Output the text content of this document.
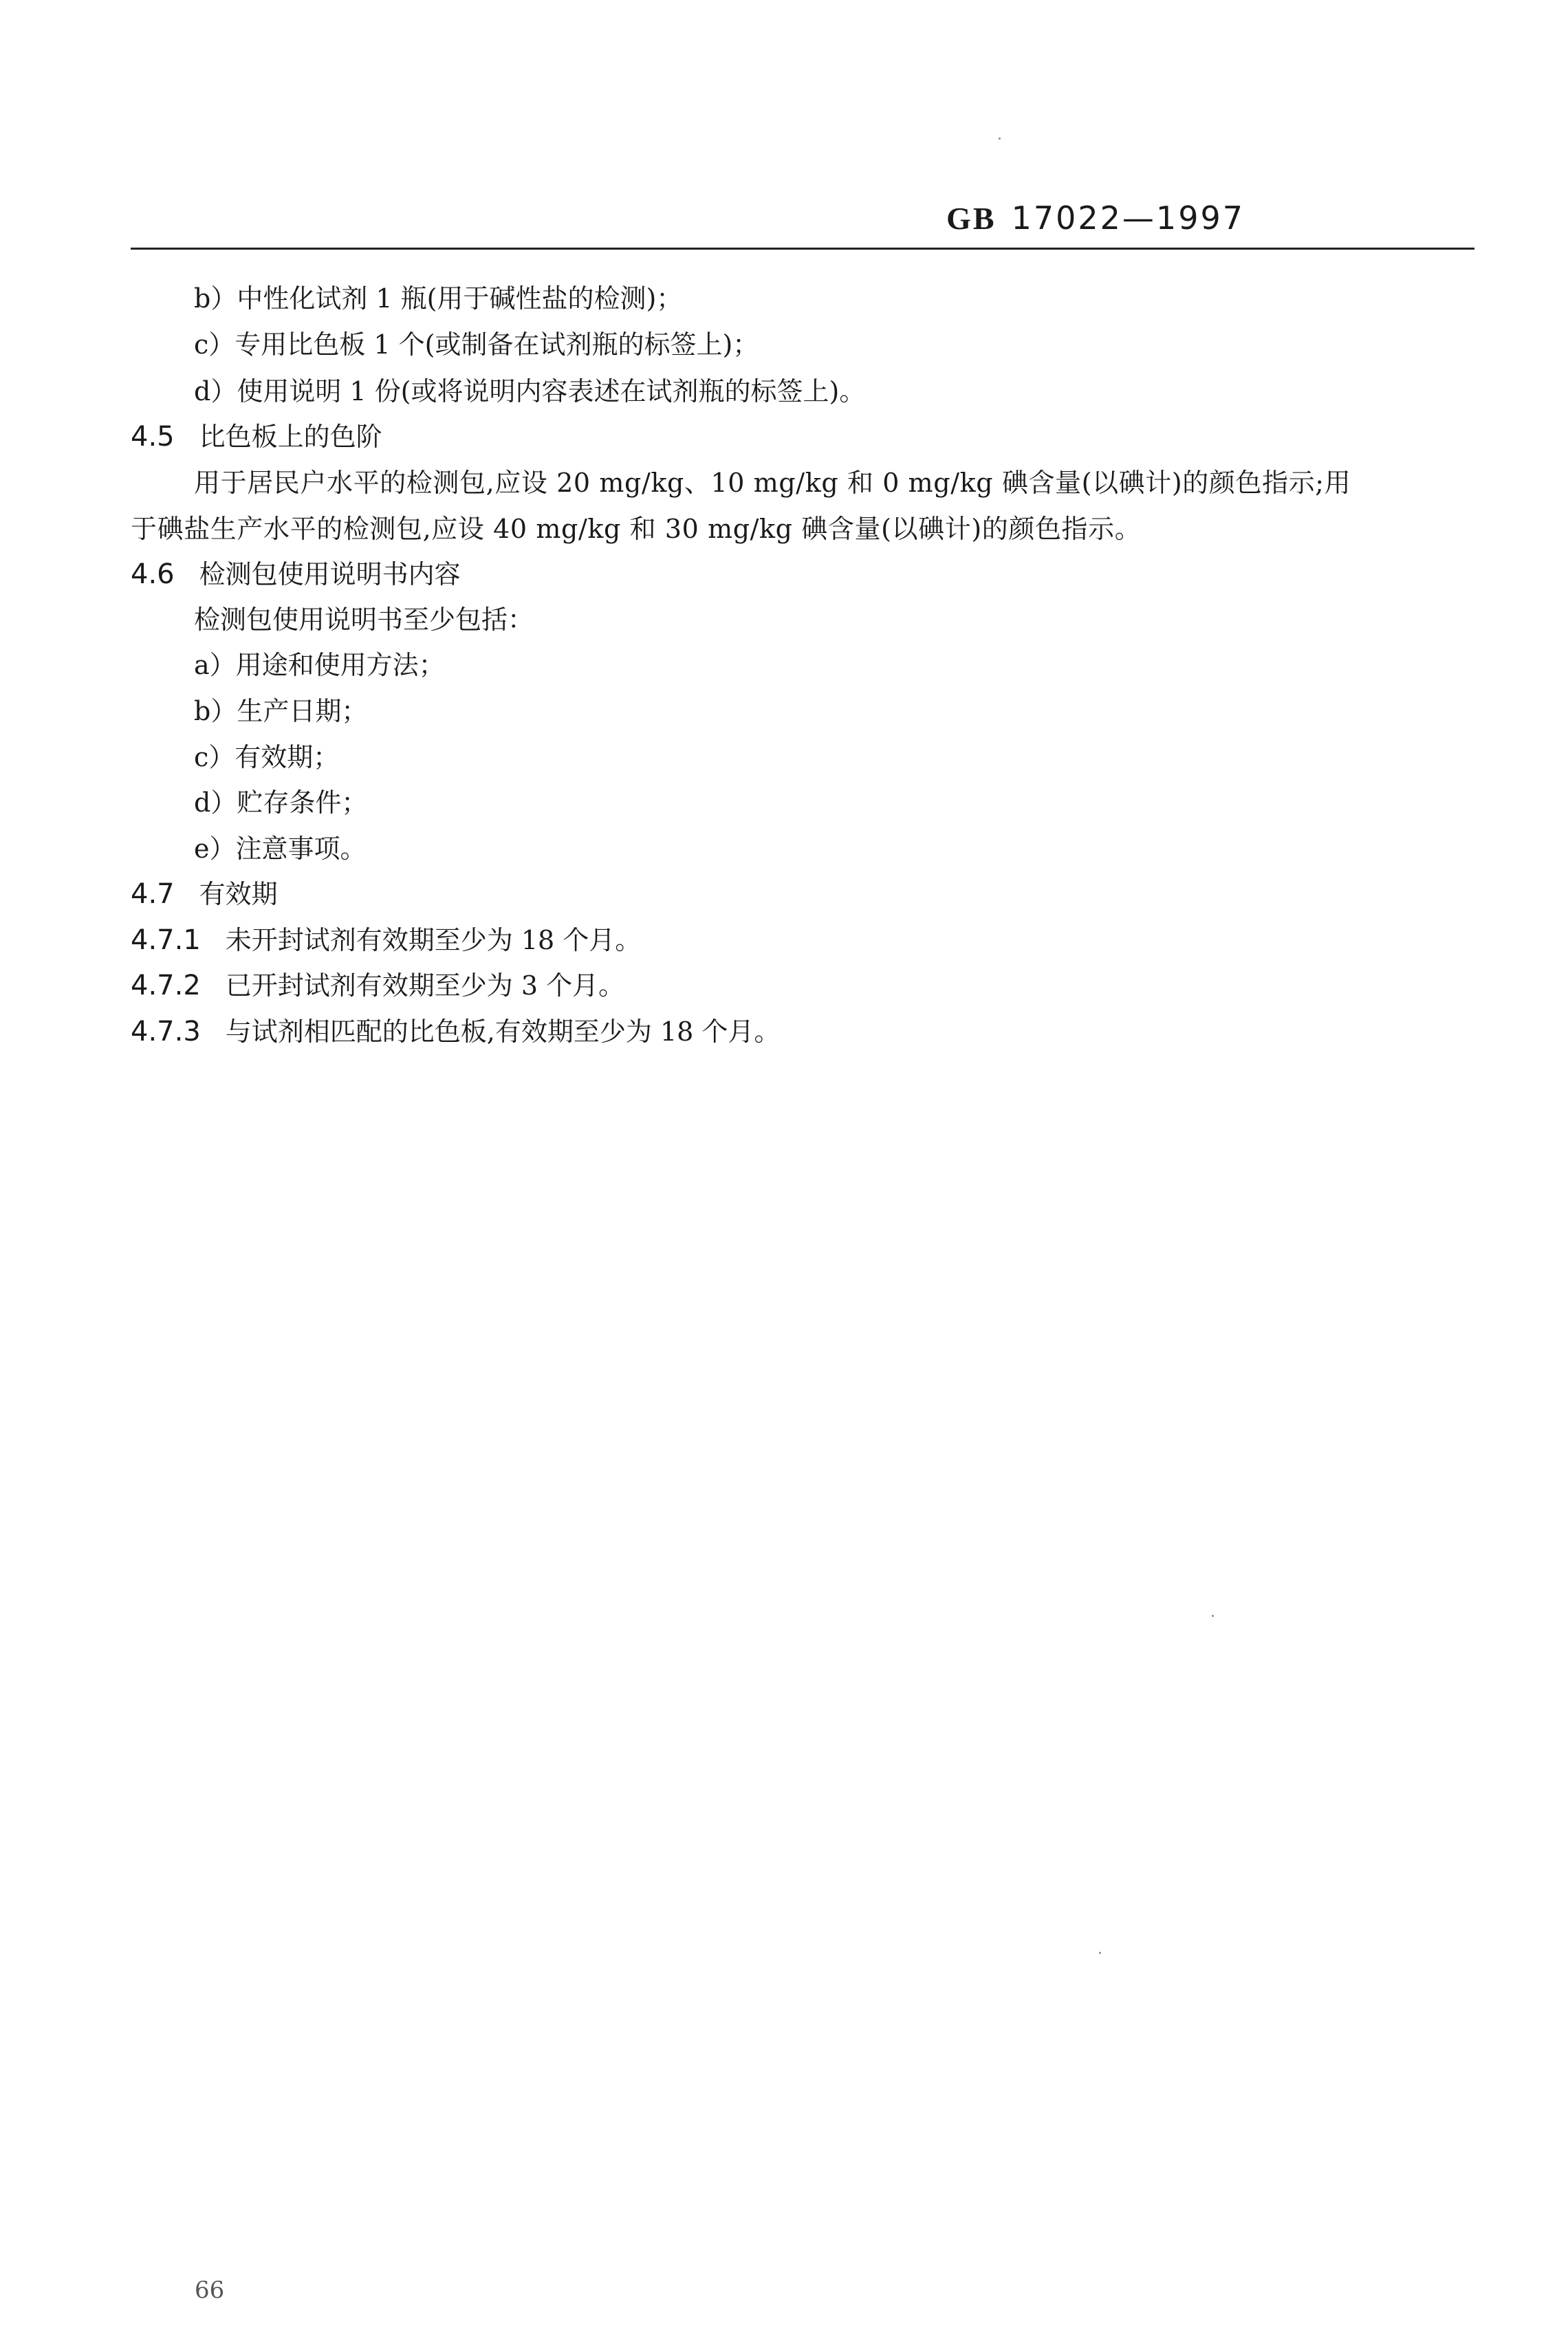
GB 17022—1997
b）中性化试剂 1 瓶(用于碱性盐的检测)；
c）专用比色板 1 个(或制备在试剂瓶的标签上)；
d）使用说明 1 份(或将说明内容表述在试剂瓶的标签上)。
4.5 比色板上的色阶
用于居民户水平的检测包,应设 20 mg/kg、10 mg/kg 和 0 mg/kg 碘含量(以碘计)的颜色指示;用
于碘盐生产水平的检测包,应设 40 mg/kg 和 30 mg/kg 碘含量(以碘计)的颜色指示。
4.6 检测包使用说明书内容
检测包使用说明书至少包括：
a）用途和使用方法；
b）生产日期；
c）有效期；
d）贮存条件；
e）注意事项。
4.7 有效期
4.7.1 未开封试剂有效期至少为 18 个月。
4.7.2 已开封试剂有效期至少为 3 个月。
4.7.3 与试剂相匹配的比色板,有效期至少为 18 个月。
66
